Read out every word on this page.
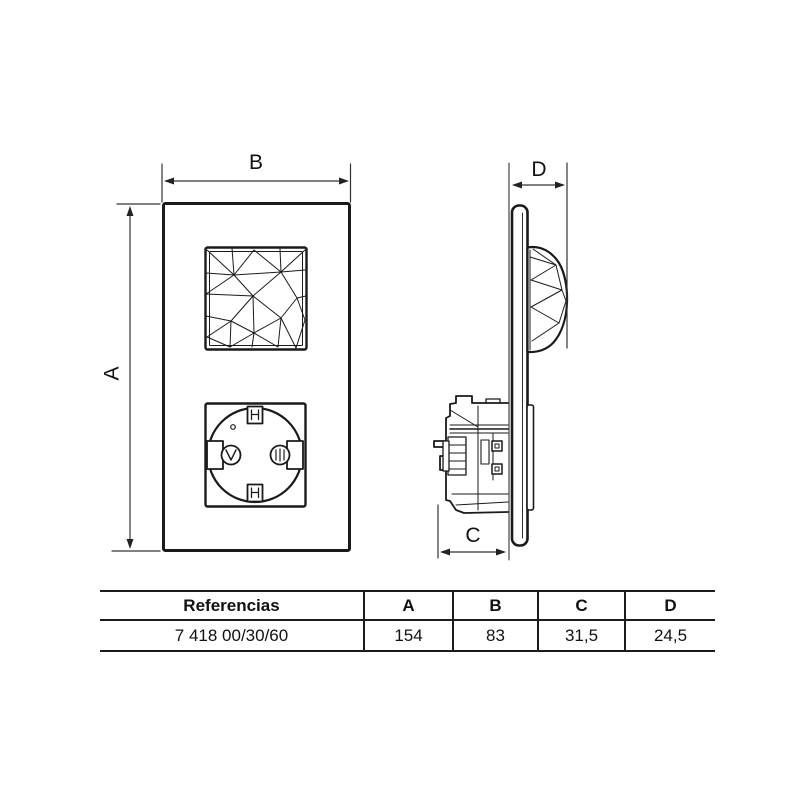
B
A
D
C
Referencias	A	B	C	D
7 418 00/30/60	154	83	31,5	24,5
